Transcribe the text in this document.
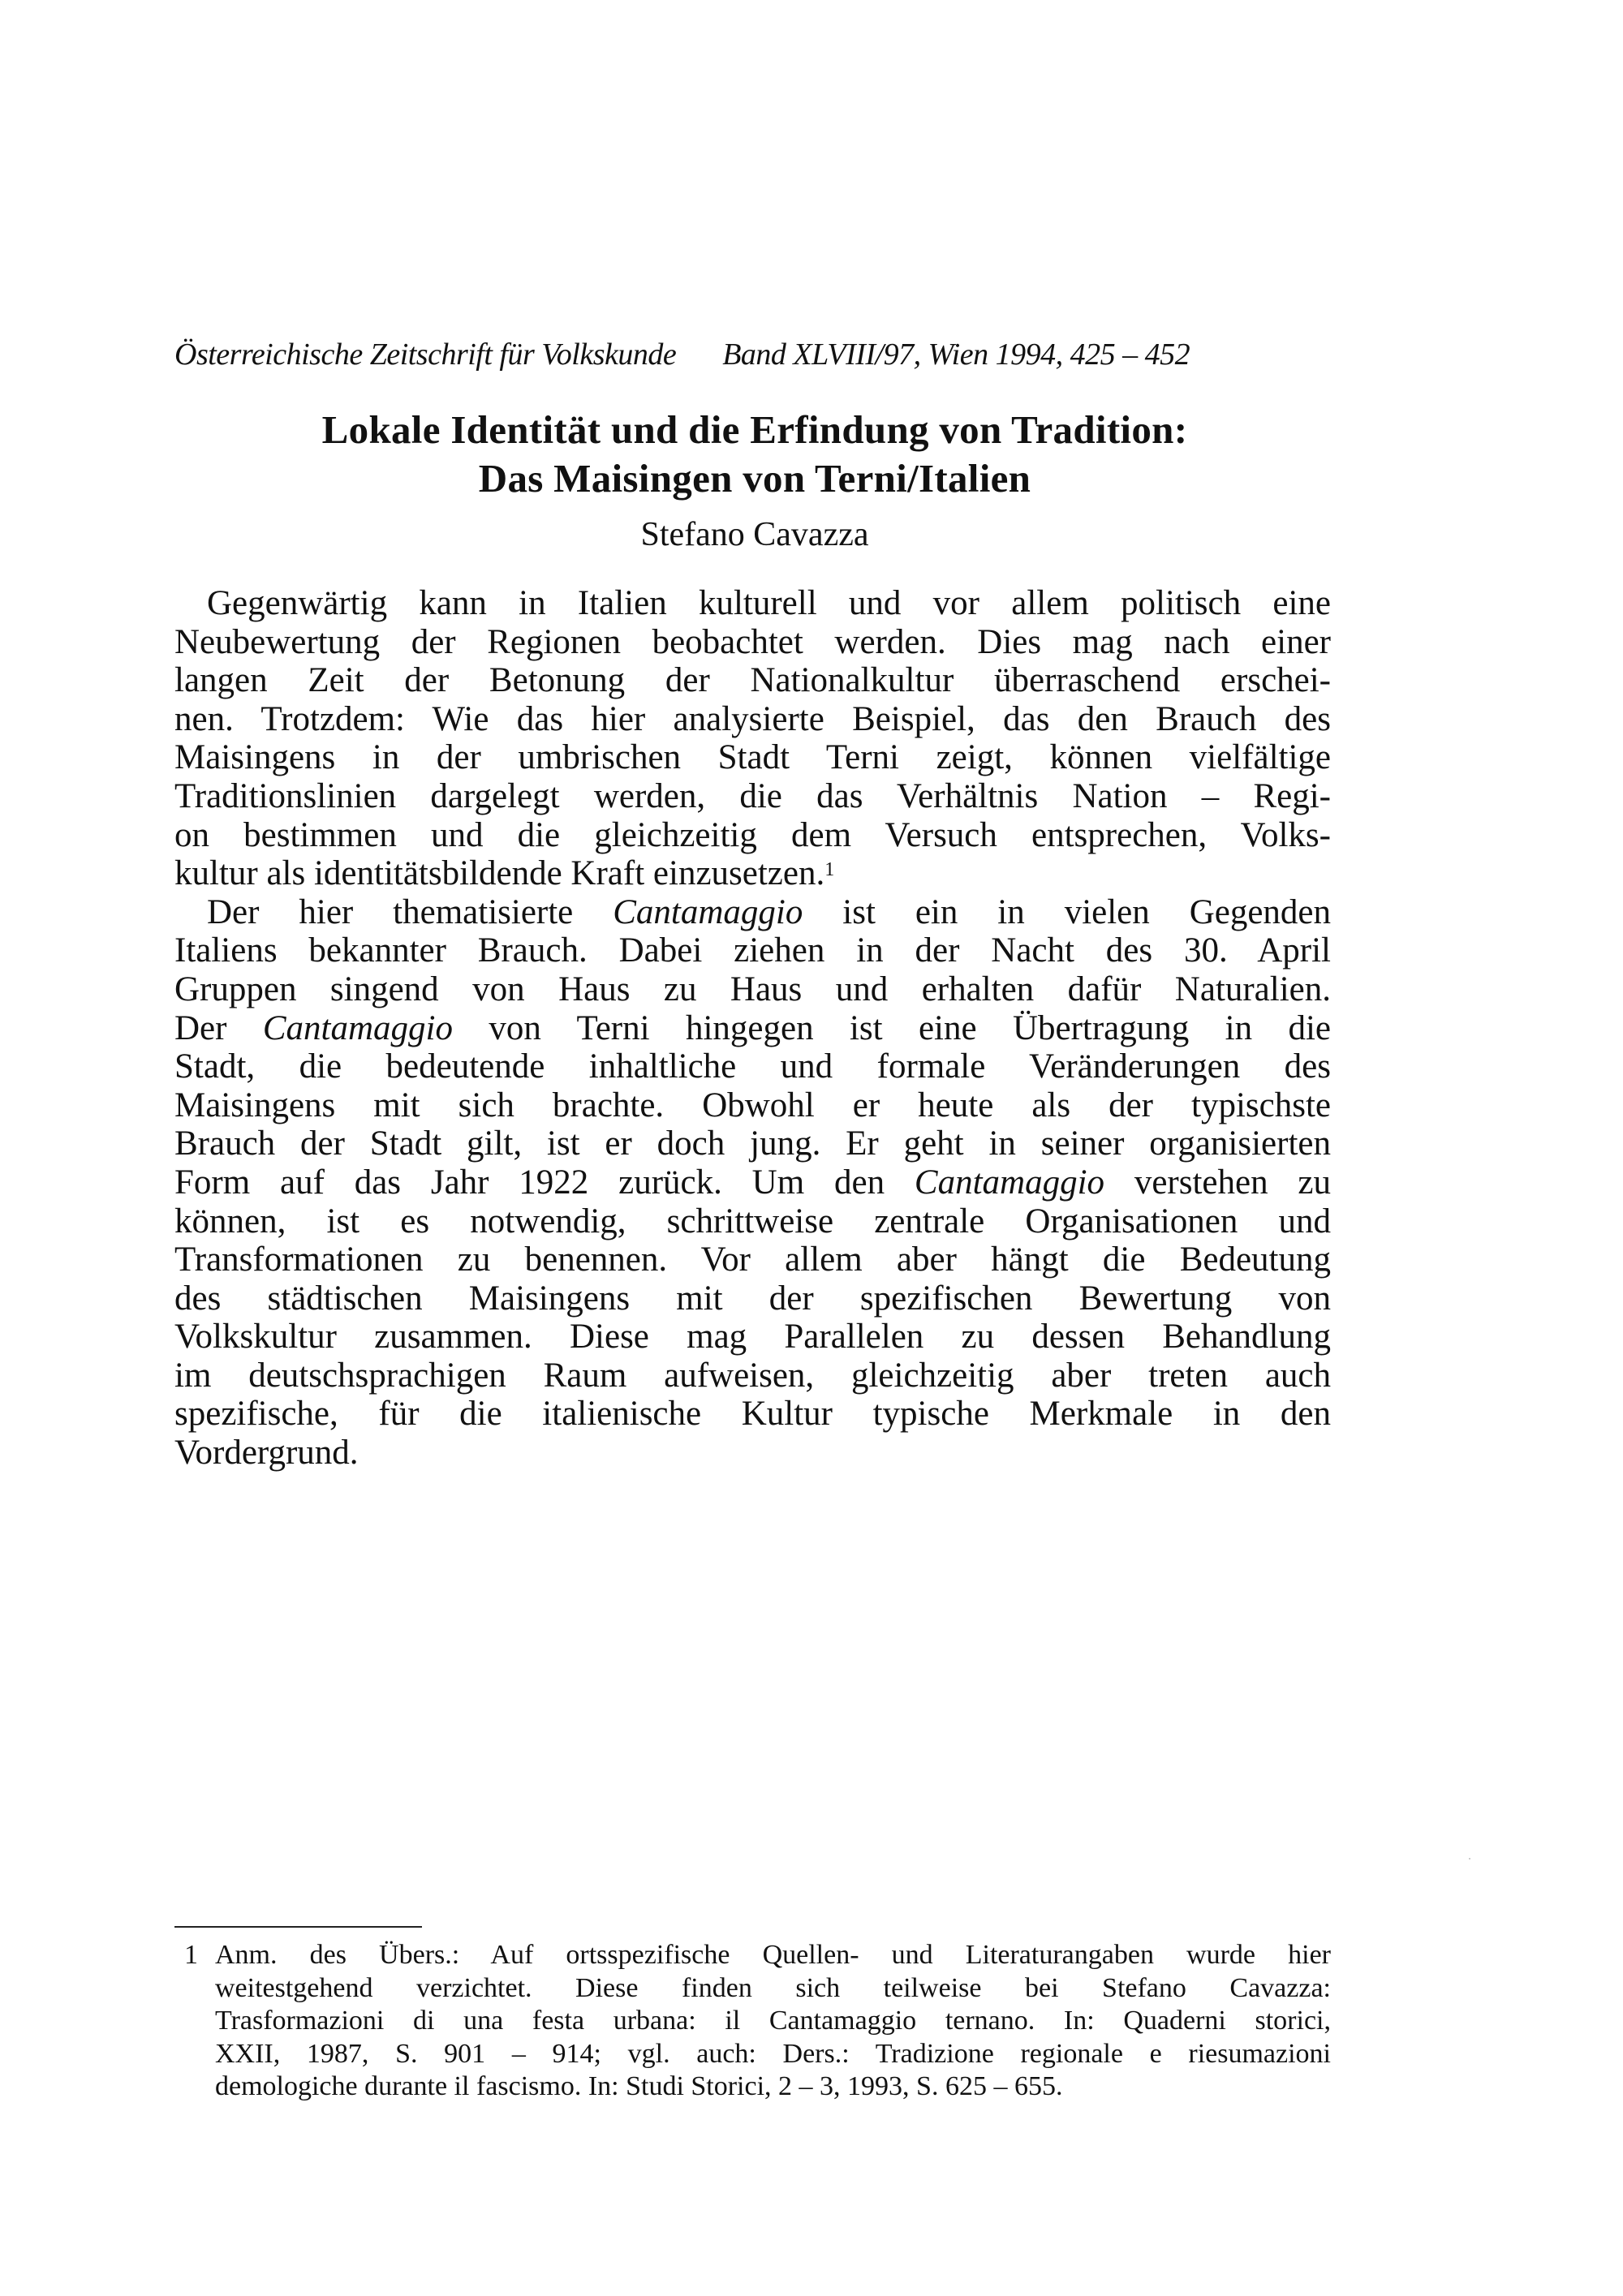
Österreichische Zeitschrift für Volkskunde Band XLVIII/97, Wien 1994, 425 – 452
Lokale Identität und die Erfindung von Tradition:
Das Maisingen von Terni/Italien
Stefano Cavazza
Gegenwärtig kann in Italien kulturell und vor allem politisch eine
Neubewertung der Regionen beobachtet werden. Dies mag nach einer
langen Zeit der Betonung der Nationalkultur überraschend erschei-
nen. Trotzdem: Wie das hier analysierte Beispiel, das den Brauch des
Maisingens in der umbrischen Stadt Terni zeigt, können vielfältige
Traditionslinien dargelegt werden, die das Verhältnis Nation – Regi-
on bestimmen und die gleichzeitig dem Versuch entsprechen, Volks-
kultur als identitätsbildende Kraft einzusetzen.$^1$
Der hier thematisierte Cantamaggio ist ein in vielen Gegenden
Italiens bekannter Brauch. Dabei ziehen in der Nacht des 30. April
Gruppen singend von Haus zu Haus und erhalten dafür Naturalien.
Der Cantamaggio von Terni hingegen ist eine Übertragung in die
Stadt, die bedeutende inhaltliche und formale Veränderungen des
Maisingens mit sich brachte. Obwohl er heute als der typischste
Brauch der Stadt gilt, ist er doch jung. Er geht in seiner organisierten
Form auf das Jahr 1922 zurück. Um den Cantamaggio verstehen zu
können, ist es notwendig, schrittweise zentrale Organisationen und
Transformationen zu benennen. Vor allem aber hängt die Bedeutung
des städtischen Maisingens mit der spezifischen Bewertung von
Volkskultur zusammen. Diese mag Parallelen zu dessen Behandlung
im deutschsprachigen Raum aufweisen, gleichzeitig aber treten auch
spezifische, für die italienische Kultur typische Merkmale in den
Vordergrund.
1 Anm. des Übers.: Auf ortsspezifische Quellen- und Literaturangaben wurde hier
weitestgehend verzichtet. Diese finden sich teilweise bei Stefano Cavazza:
Trasformazioni di una festa urbana: il Cantamaggio ternano. In: Quaderni storici,
XXII, 1987, S. 901 – 914; vgl. auch: Ders.: Tradizione regionale e riesumazioni
demologiche durante il fascismo. In: Studi Storici, 2 – 3, 1993, S. 625 – 655.
